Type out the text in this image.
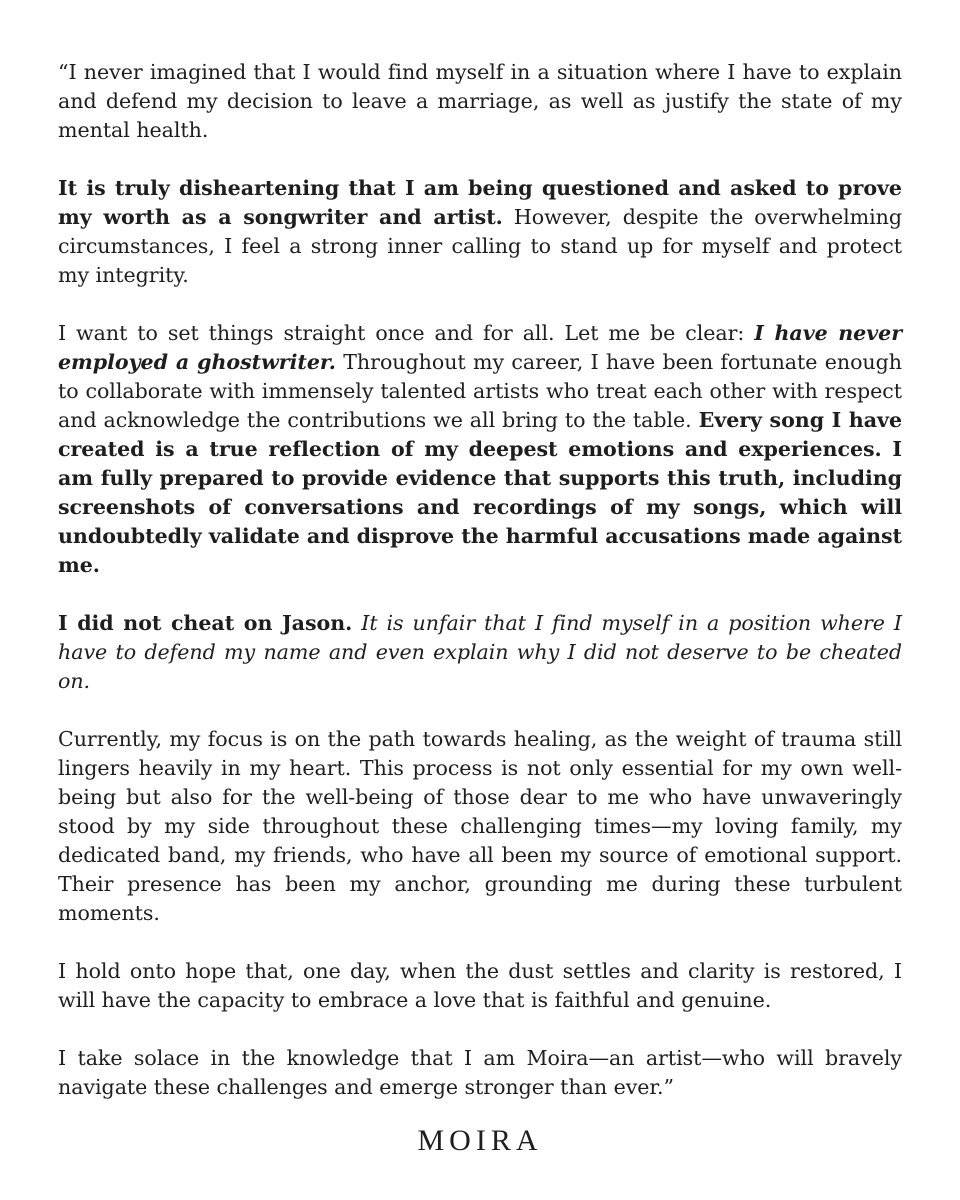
“I never imagined that I would find myself in a situation where I have to explain and defend my decision to leave a marriage, as well as justify the state of my mental health.

It is truly disheartening that I am being questioned and asked to prove my worth as a songwriter and artist. However, despite the overwhelming circumstances, I feel a strong inner calling to stand up for myself and protect my integrity.

I want to set things straight once and for all. Let me be clear: I have never employed a ghostwriter. Throughout my career, I have been fortunate enough to collaborate with immensely talented artists who treat each other with respect and acknowledge the contributions we all bring to the table. Every song I have created is a true reflection of my deepest emotions and experiences. I am fully prepared to provide evidence that supports this truth, including screenshots of conversations and recordings of my songs, which will undoubtedly validate and disprove the harmful accusations made against me.

I did not cheat on Jason. It is unfair that I find myself in a position where I have to defend my name and even explain why I did not deserve to be cheated on.

Currently, my focus is on the path towards healing, as the weight of trauma still lingers heavily in my heart. This process is not only essential for my own well-being but also for the well-being of those dear to me who have unwaveringly stood by my side throughout these challenging times—my loving family, my dedicated band, my friends, who have all been my source of emotional support. Their presence has been my anchor, grounding me during these turbulent moments.

I hold onto hope that, one day, when the dust settles and clarity is restored, I will have the capacity to embrace a love that is faithful and genuine.

I take solace in the knowledge that I am Moira—an artist—who will bravely navigate these challenges and emerge stronger than ever.”

MOIRA
